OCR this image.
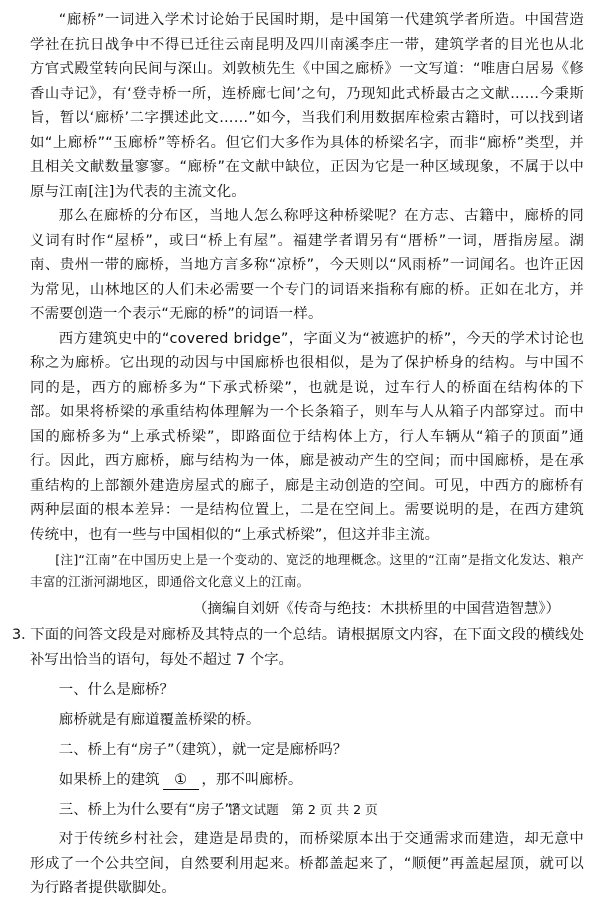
“廊桥”一词进入学术讨论始于民国时期，是中国第一代建筑学者所造。中国营造学社在抗日战争中不得已迁往云南昆明及四川南溪李庄一带，建筑学者的目光也从北方官式殿堂转向民间与深山。刘敦桢先生《中国之廊桥》一文写道：“唯唐白居易《修香山寺记》，有‘登寺桥一所，连桥廊七间’之句，乃现知此式桥最古之文献……今秉斯旨，暂以‘廊桥’二字撰述此文……”如今，当我们利用数据库检索古籍时，可以找到诸如“上廊桥”“玉廊桥”等桥名。但它们大多作为具体的桥梁名字，而非“廊桥”类型，并且相关文献数量寥寥。“廊桥”在文献中缺位，正因为它是一种区域现象，不属于以中原与江南[注]为代表的主流文化。

那么在廊桥的分布区，当地人怎么称呼这种桥梁呢？在方志、古籍中，廊桥的同义词有时作“屋桥”，或曰“桥上有屋”。福建学者谓另有“厝桥”一词，厝指房屋。湖南、贵州一带的廊桥，当地方言多称“凉桥”，今天则以“风雨桥”一词闻名。也许正因为常见，山林地区的人们未必需要一个专门的词语来指称有廊的桥。正如在北方，并不需要创造一个表示“无廊的桥”的词语一样。

西方建筑史中的“covered bridge”，字面义为“被遮护的桥”，今天的学术讨论也称之为廊桥。它出现的动因与中国廊桥也很相似，是为了保护桥身的结构。与中国不同的是，西方的廊桥多为“下承式桥梁”，也就是说，过车行人的桥面在结构体的下部。如果将桥梁的承重结构体理解为一个长条箱子，则车与人从箱子内部穿过。而中国的廊桥多为“上承式桥梁”，即路面位于结构体上方，行人车辆从“箱子的顶面”通行。因此，西方廊桥，廊与结构为一体，廊是被动产生的空间；而中国廊桥，是在承重结构的上部额外建造房屋式的廊子，廊是主动创造的空间。可见，中西方的廊桥有两种层面的根本差异：一是结构位置上，二是在空间上。需要说明的是，在西方建筑传统中，也有一些与中国相似的“上承式桥梁”，但这并非主流。

[注]“江南”在中国历史上是一个变动的、宽泛的地理概念。这里的“江南”是指文化发达、粮产丰富的江浙河湖地区，即通俗文化意义上的江南。

（摘编自刘妍《传奇与绝技：木拱桥里的中国营造智慧》）

3．下面的问答文段是对廊桥及其特点的一个总结。请根据原文内容，在下面文段的横线处补写出恰当的语句，每处不超过 7 个字。

一、什么是廊桥？

廊桥就是有廊道覆盖桥梁的桥。

二、桥上有“房子”（建筑），就一定是廊桥吗？

如果桥上的建筑 ① ，那不叫廊桥。

三、桥上为什么要有“房子”？

对于传统乡村社会，建造是昂贵的，而桥梁原本出于交通需求而建造，却无意中形成了一个公共空间，自然要利用起来。桥都盖起来了，“顺便”再盖起屋顶，就可以为行路者提供歇脚处。

语文试题　第 2 页 共 2 页
